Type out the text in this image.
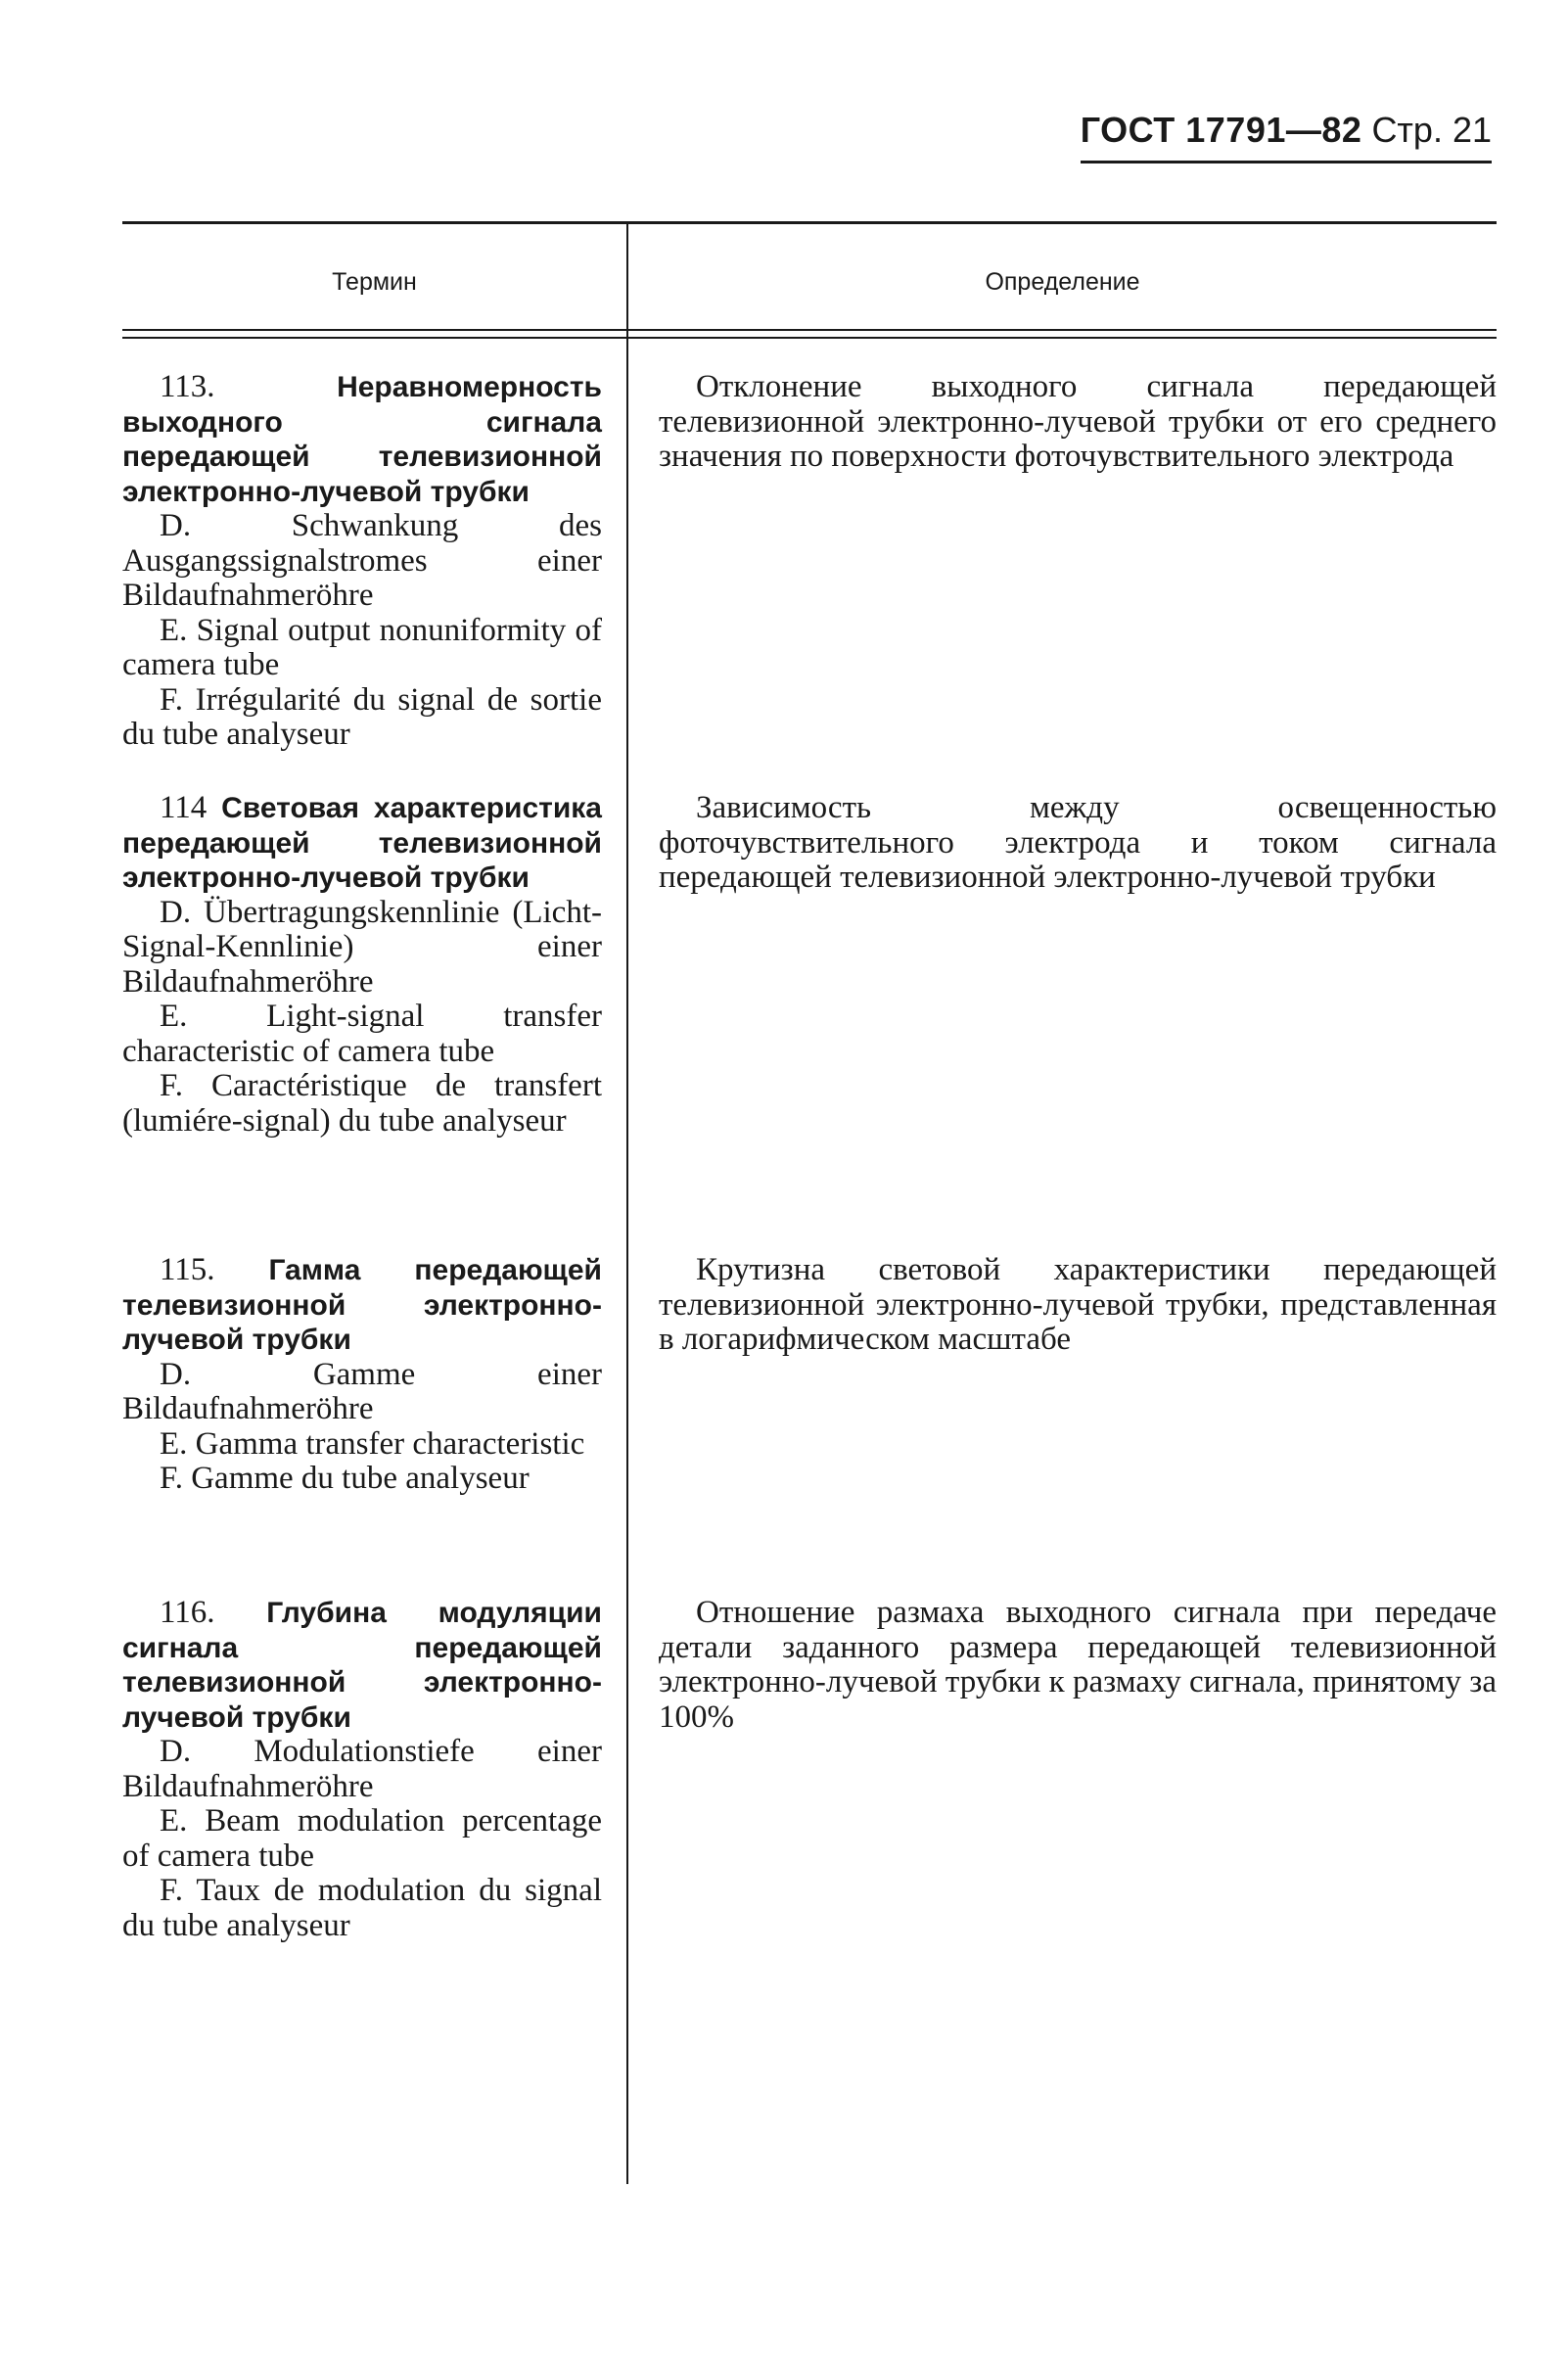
ГОСТ 17791—82 Стр. 21
Термин	Определение

113.	Неравномерность выходного сигнала передающей телевизионной электронно-лучевой трубки

D. Schwankung des Ausgangssignalstromes einer Bildaufnahmeröhre

E. Signal output nonuniformity of camera tube

F. Irrégularité du signal de sortie du tube analyseur

Отклонение выходного сигнала передающей телевизионной электронно-лучевой трубки от его среднего значения по поверхности фоточувствительного электрода

114 Световая характеристика передающей телевизионной электронно-лучевой трубки

D. Übertragungskennlinie (Licht-Signal-Kennlinie) einer Bildaufnahmeröhre

E. Light-signal transfer characteristic of camera tube

F. Caractéristique de transfert (lumiére-signal) du tube analyseur

Зависимость между освещенностью фоточувствительного электрода и током сигнала передающей телевизионной электронно-лучевой трубки

115. Гамма передающей телевизионной электронно-лучевой трубки

D. Gamme einer Bildaufnahmeröhre

E. Gamma transfer characteristic

F. Gamme du tube analyseur

Крутизна световой характеристики передающей телевизионной электронно-лучевой трубки, представленная в логарифмическом масштабе

116. Глубина модуляции сигнала передающей телевизионной электронно-лучевой трубки

D. Modulationstiefe einer Bildaufnahmeröhre

E. Beam modulation percentage of camera tube

F. Taux de modulation du signal du tube analyseur

Отношение размаха выходного сигнала при передаче детали заданного размера передающей телевизионной электронно-лучевой трубки к размаху сигнала, принятому за 100%
